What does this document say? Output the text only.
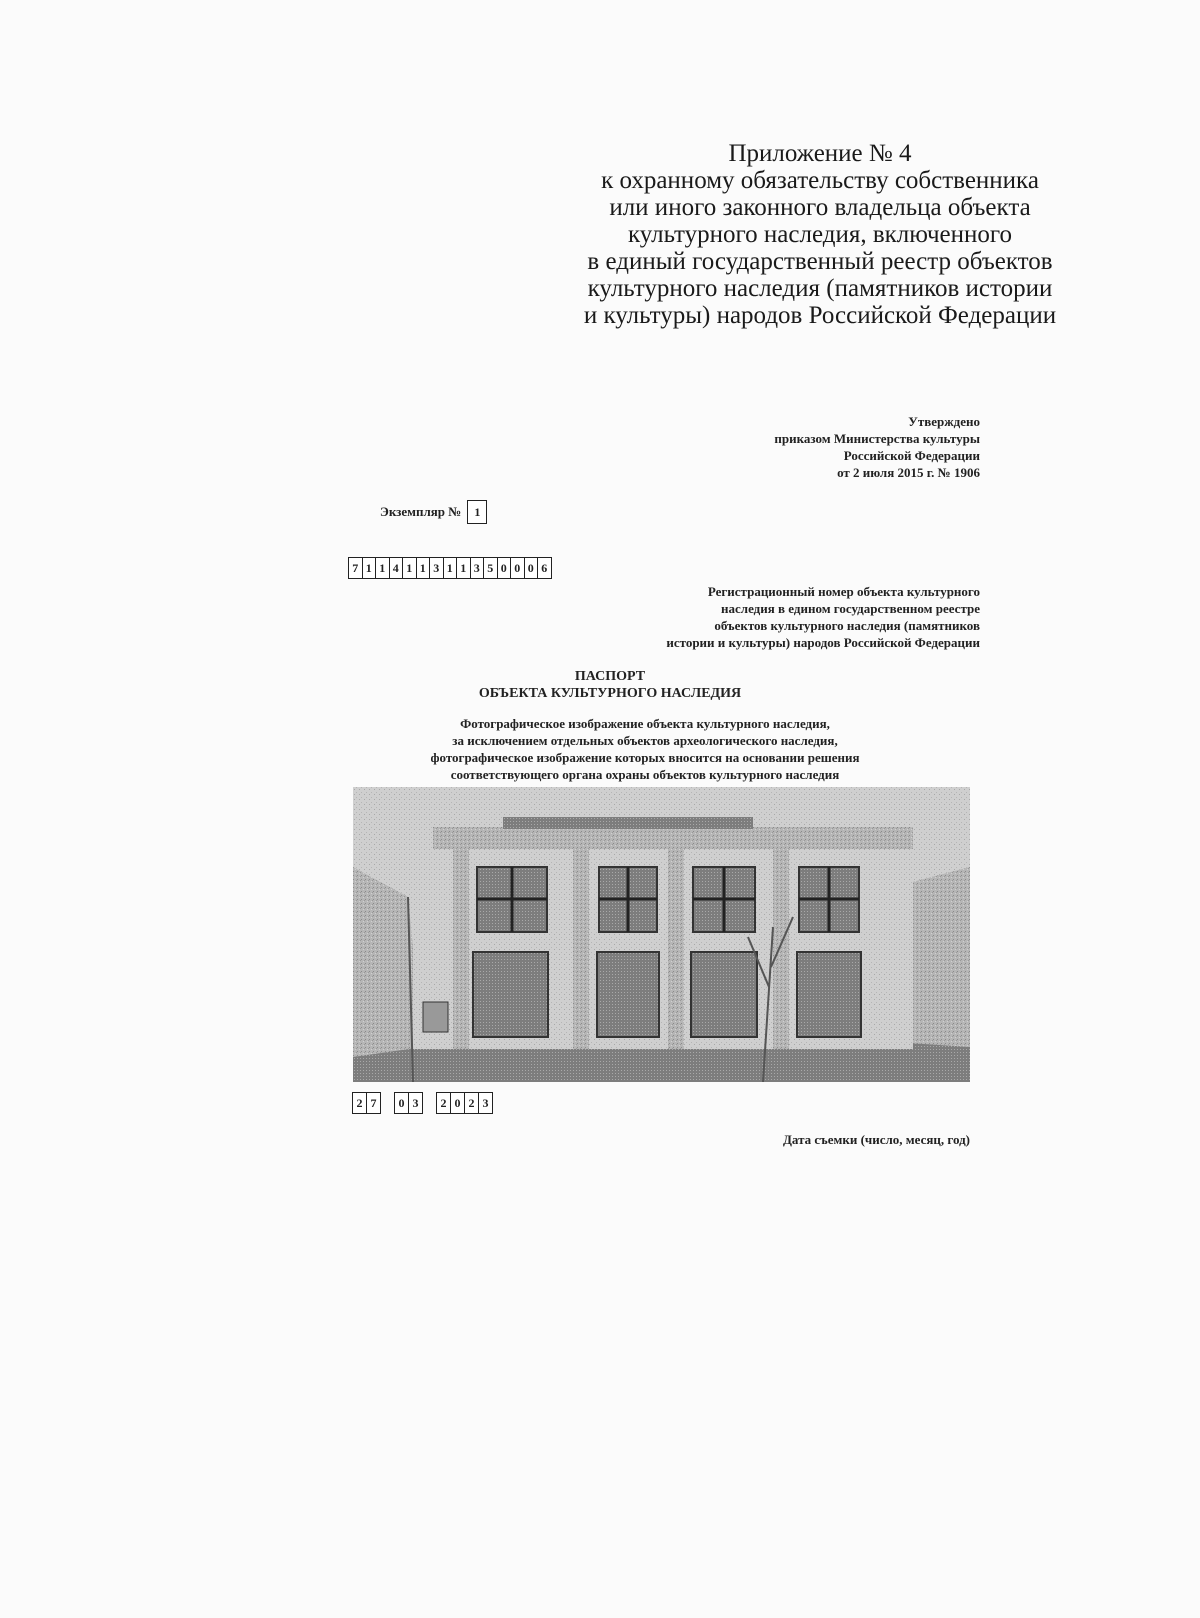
Приложение № 4
к охранному обязательству собственника
или иного законного владельца объекта
культурного наследия, включенного
в единый государственный реестр объектов
культурного наследия (памятников истории
и культуры) народов Российской Федерации
Утверждено
приказом Министерства культуры
Российской Федерации
от 2 июля 2015 г. № 1906
Экземпляр №	1
7 1 1 4 1 1 3 1 1 3 5 0 0 0 6
Регистрационный номер объекта культурного
наследия в едином государственном реестре
объектов культурного наследия (памятников
истории и культуры) народов Российской Федерации
ПАСПОРТ
ОБЪЕКТА КУЛЬТУРНОГО НАСЛЕДИЯ
Фотографическое изображение объекта культурного наследия,
за исключением отдельных объектов археологического наследия,
фотографическое изображение которых вносится на основании решения
соответствующего органа охраны объектов культурного наследия
2 7	0 3	2 0 2 3
Дата съемки (число, месяц, год)
